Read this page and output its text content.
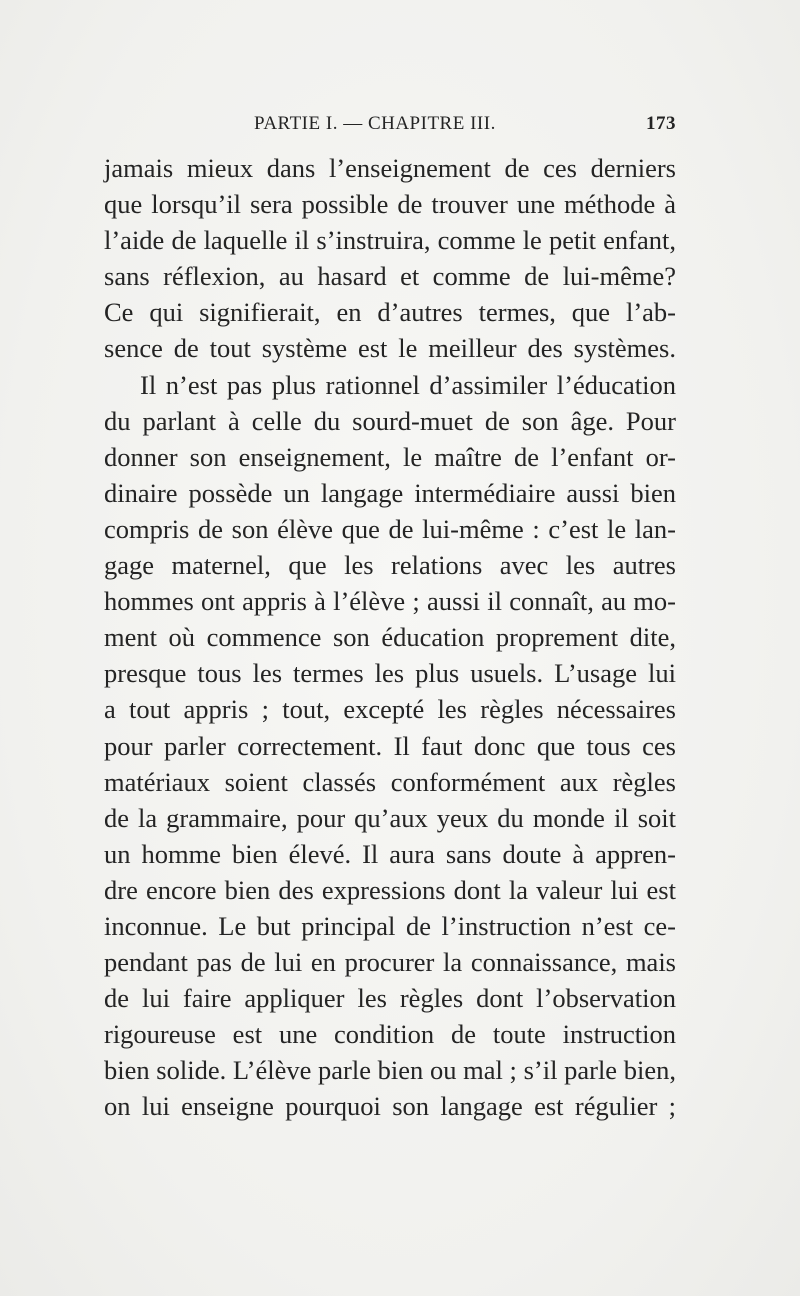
PARTIE I. — CHAPITRE III.	173
jamais mieux dans l’enseignement de ces derniers
que lorsqu’il sera possible de trouver une méthode à
l’aide de laquelle il s’instruira, comme le petit enfant,
sans réflexion, au hasard et comme de lui-même?
Ce qui signifierait, en d’autres termes, que l’ab-
sence de tout système est le meilleur des systèmes.
Il n’est pas plus rationnel d’assimiler l’éducation
du parlant à celle du sourd-muet de son âge. Pour
donner son enseignement, le maître de l’enfant or-
dinaire possède un langage intermédiaire aussi bien
compris de son élève que de lui-même : c’est le lan-
gage maternel, que les relations avec les autres
hommes ont appris à l’élève ; aussi il connaît, au mo-
ment où commence son éducation proprement dite,
presque tous les termes les plus usuels. L’usage lui
a tout appris ; tout, excepté les règles nécessaires
pour parler correctement. Il faut donc que tous ces
matériaux soient classés conformément aux règles
de la grammaire, pour qu’aux yeux du monde il soit
un homme bien élevé. Il aura sans doute à appren-
dre encore bien des expressions dont la valeur lui est
inconnue. Le but principal de l’instruction n’est ce-
pendant pas de lui en procurer la connaissance, mais
de lui faire appliquer les règles dont l’observation
rigoureuse est une condition de toute instruction
bien solide. L’élève parle bien ou mal ; s’il parle bien,
on lui enseigne pourquoi son langage est régulier ;
